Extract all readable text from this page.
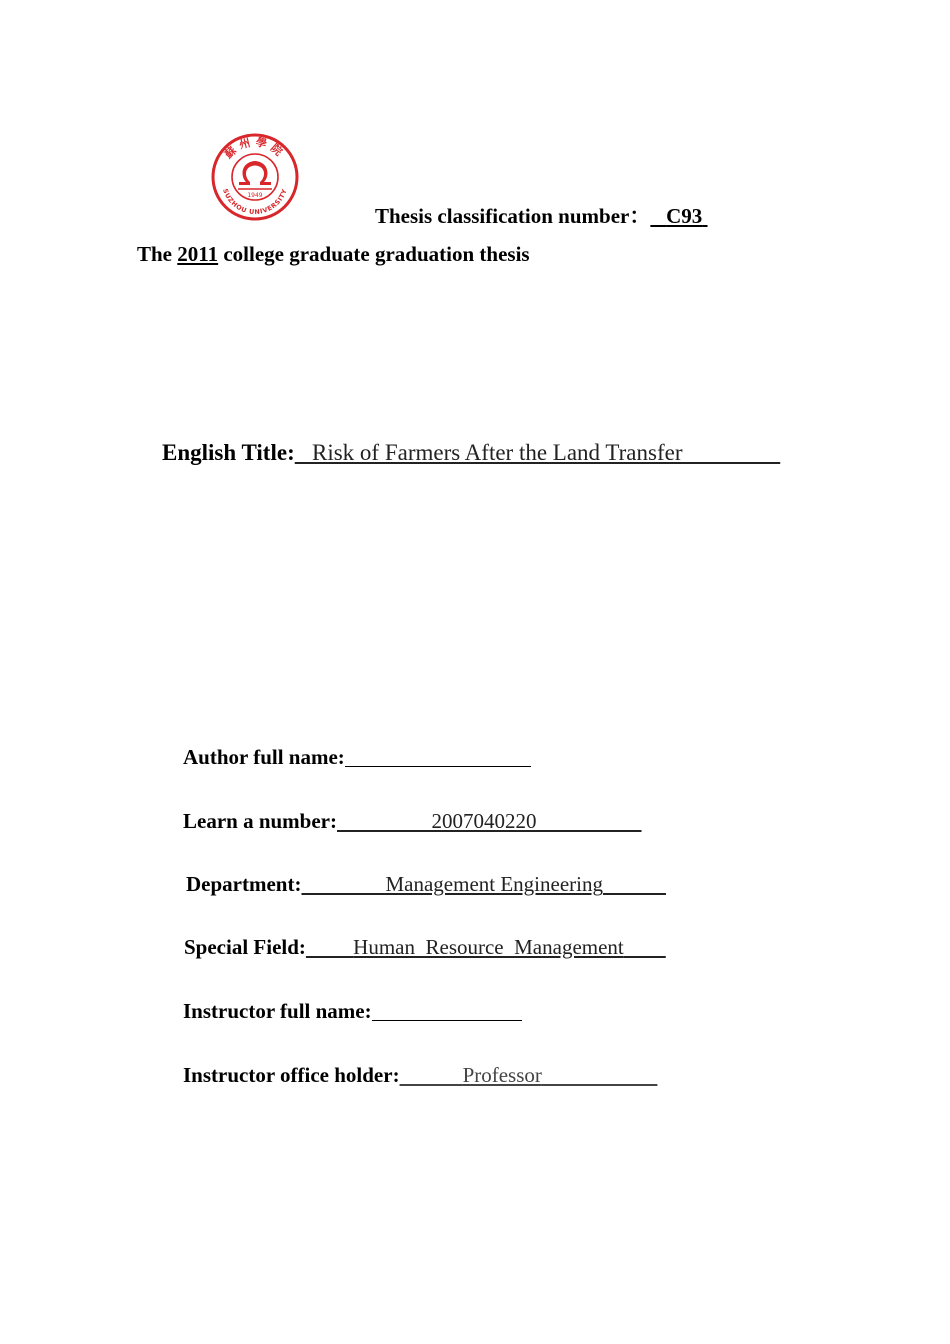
蘇州學院
1949
SUZHOU UNIVERSITY
Thesis classification number： C93
The 2011 college graduate graduation thesis
English Title: Risk of Farmers After the Land Transfer
Author full name:
Learn a number:	2007040220
Department:	Management Engineering
Special Field: Human  Resource  Management
Instructor full name:
Instructor office holder:	Professor
